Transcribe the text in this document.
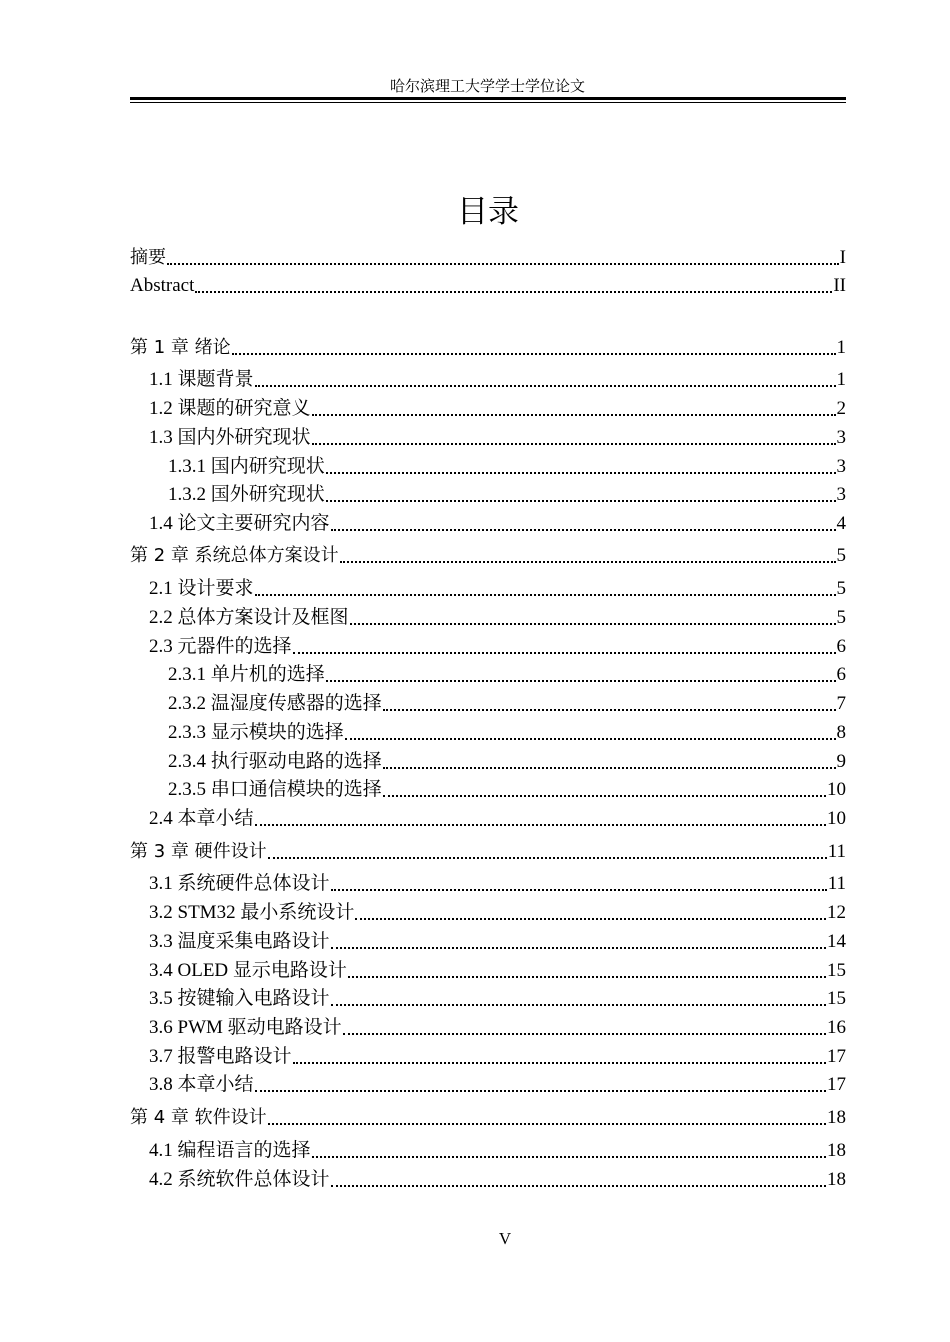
哈尔滨理工大学学士学位论文
目录
摘要	I
Abstract	II
第 1 章 绪论	1
1.1 课题背景	1
1.2 课题的研究意义	2
1.3 国内外研究现状	3
1.3.1 国内研究现状	3
1.3.2 国外研究现状	3
1.4 论文主要研究内容	4
第 2 章 系统总体方案设计	5
2.1 设计要求	5
2.2 总体方案设计及框图	5
2.3 元器件的选择	6
2.3.1 单片机的选择	6
2.3.2 温湿度传感器的选择	7
2.3.3 显示模块的选择	8
2.3.4 执行驱动电路的选择	9
2.3.5 串口通信模块的选择	10
2.4 本章小结	10
第 3 章 硬件设计	11
3.1 系统硬件总体设计	11
3.2 STM32 最小系统设计	12
3.3 温度采集电路设计	14
3.4 OLED 显示电路设计	15
3.5 按键输入电路设计	15
3.6 PWM 驱动电路设计	16
3.7 报警电路设计	17
3.8 本章小结	17
第 4 章 软件设计	18
4.1 编程语言的选择	18
4.2 系统软件总体设计	18
V
